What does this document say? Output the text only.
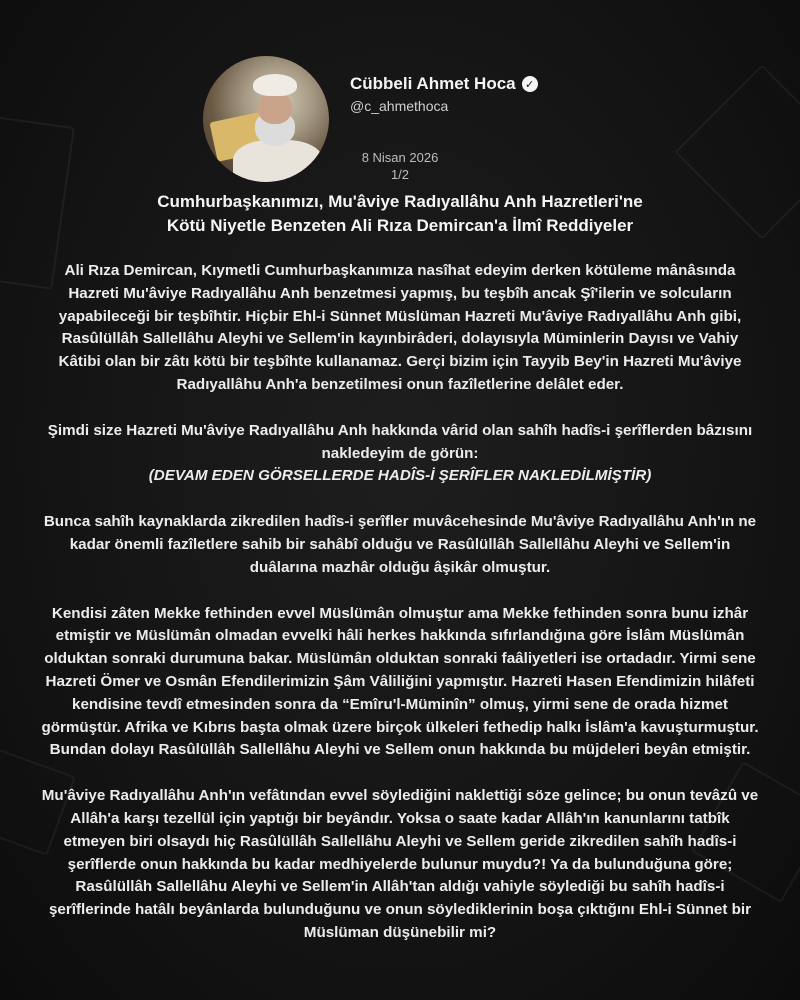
Cübbeli Ahmet Hoca ✓
@c_ahmethoca
8 Nisan 2026
1/2
Cumhurbaşkanımızı, Mu'âviye Radıyallâhu Anh Hazretleri'ne
Kötü Niyetle Benzeten Ali Rıza Demircan'a İlmî Reddiyeler

Ali Rıza Demircan, Kıymetli Cumhurbaşkanımıza nasîhat edeyim derken kötüleme mânâsında Hazreti Mu'âviye Radıyallâhu Anh benzetmesi yapmış, bu teşbîh ancak Şî'ilerin ve solcuların yapabileceği bir teşbîhtir. Hiçbir Ehl-i Sünnet Müslüman Hazreti Mu'âviye Radıyallâhu Anh gibi, Rasûlüllâh Sallellâhu Aleyhi ve Sellem'in kayınbirâderi, dolayısıyla Müminlerin Dayısı ve Vahiy Kâtibi olan bir zâtı kötü bir teşbîhte kullanamaz. Gerçi bizim için Tayyib Bey'in Hazreti Mu'âviye Radıyallâhu Anh'a benzetilmesi onun fazîletlerine delâlet eder.

Şimdi size Hazreti Mu'âviye Radıyallâhu Anh hakkında vârid olan sahîh hadîs-i şerîflerden bâzısını nakledeyim de görün:
(DEVAM EDEN GÖRSELLERDE HADÎS-İ ŞERÎFLER NAKLEDİLMİŞTİR)

Bunca sahîh kaynaklarda zikredilen hadîs-i şerîfler muvâcehesinde Mu'âviye Radıyallâhu Anh'ın ne kadar önemli fazîletlere sahib bir sahâbî olduğu ve Rasûlüllâh Sallellâhu Aleyhi ve Sellem'in duâlarına mazhâr olduğu âşikâr olmuştur.

Kendisi zâten Mekke fethinden evvel Müslümân olmuştur ama Mekke fethinden sonra bunu izhâr etmiştir ve Müslümân olmadan evvelki hâli herkes hakkında sıfırlandığına göre İslâm Müslümân olduktan sonraki durumuna bakar. Müslümân olduktan sonraki faâliyetleri ise ortadadır. Yirmi sene Hazreti Ömer ve Osmân Efendilerimizin Şâm Vâliliğini yapmıştır. Hazreti Hasen Efendimizin hilâfeti kendisine tevdî etmesinden sonra da “Emîru'l-Müminîn” olmuş, yirmi sene de orada hizmet görmüştür. Afrika ve Kıbrıs başta olmak üzere birçok ülkeleri fethedip halkı İslâm'a kavuşturmuştur. Bundan dolayı Rasûlüllâh Sallellâhu Aleyhi ve Sellem onun hakkında bu müjdeleri beyân etmiştir.

Mu'âviye Radıyallâhu Anh'ın vefâtından evvel söylediğini naklettiği söze gelince; bu onun tevâzû ve Allâh'a karşı tezellül için yaptığı bir beyândır. Yoksa o saate kadar Allâh'ın kanunlarını tatbîk etmeyen biri olsaydı hiç Rasûlüllâh Sallellâhu Aleyhi ve Sellem geride zikredilen sahîh hadîs-i şerîflerde onun hakkında bu kadar medhiyelerde bulunur muydu?! Ya da bulunduğuna göre; Rasûlüllâh Sallellâhu Aleyhi ve Sellem'in Allâh'tan aldığı vahiyle söylediği bu sahîh hadîs-i şerîflerinde hatâlı beyânlarda bulunduğunu ve onun söylediklerinin boşa çıktığını Ehl-i Sünnet bir Müslüman düşünebilir mi?
